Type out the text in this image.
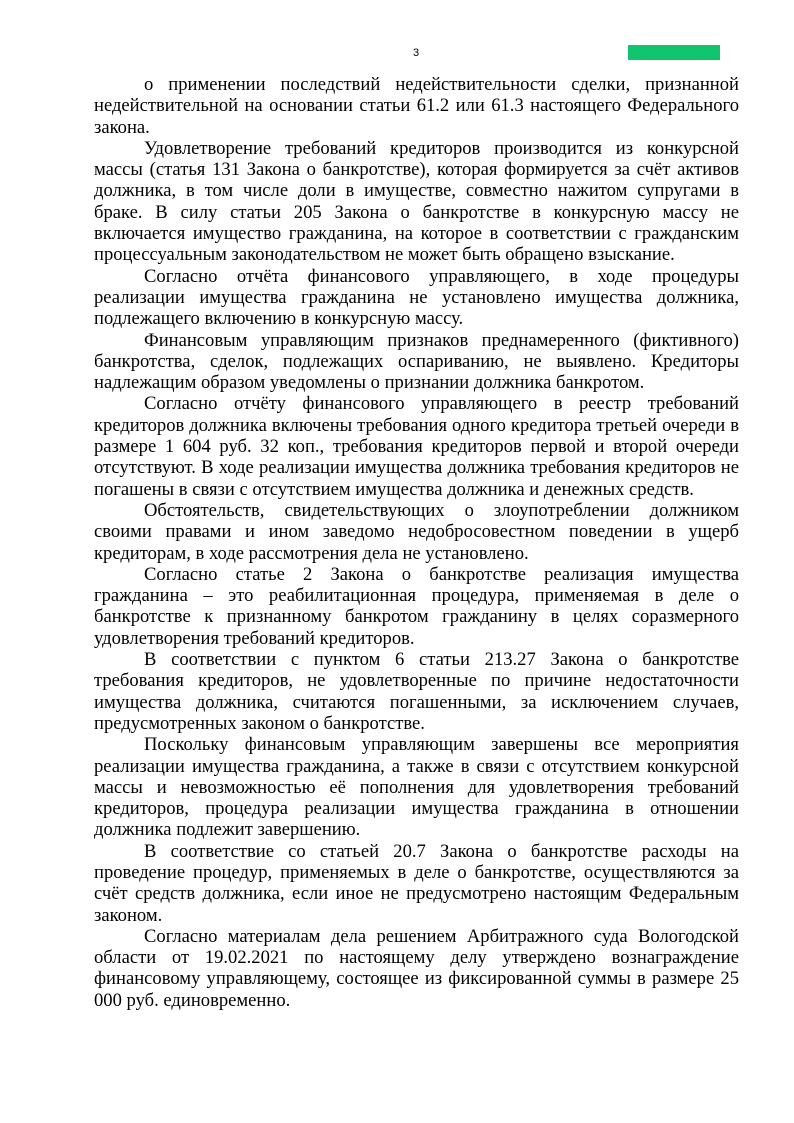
3

о применении последствий недействительности сделки, признанной недействительной на основании статьи 61.2 или 61.3 настоящего Федерального закона.

Удовлетворение требований кредиторов производится из конкурсной массы (статья 131 Закона о банкротстве), которая формируется за счёт активов должника, в том числе доли в имуществе, совместно нажитом супругами в браке. В силу статьи 205 Закона о банкротстве в конкурсную массу не включается имущество гражданина, на которое в соответствии с гражданским процессуальным законодательством не может быть обращено взыскание.

Согласно отчёта финансового управляющего, в ходе процедуры реализации имущества гражданина не установлено имущества должника, подлежащего включению в конкурсную массу.

Финансовым управляющим признаков преднамеренного (фиктивного) банкротства, сделок, подлежащих оспариванию, не выявлено. Кредиторы надлежащим образом уведомлены о признании должника банкротом.

Согласно отчёту финансового управляющего в реестр требований кредиторов должника включены требования одного кредитора третьей очереди в размере 1 604 руб. 32 коп., требования кредиторов первой и второй очереди отсутствуют. В ходе реализации имущества должника требования кредиторов не погашены в связи с отсутствием имущества должника и денежных средств.

Обстоятельств, свидетельствующих о злоупотреблении должником своими правами и ином заведомо недобросовестном поведении в ущерб кредиторам, в ходе рассмотрения дела не установлено.

Согласно статье 2 Закона о банкротстве реализация имущества гражданина – это реабилитационная процедура, применяемая в деле о банкротстве к признанному банкротом гражданину в целях соразмерного удовлетворения требований кредиторов.

В соответствии с пунктом 6 статьи 213.27 Закона о банкротстве требования кредиторов, не удовлетворенные по причине недостаточности имущества должника, считаются погашенными, за исключением случаев, предусмотренных законом о банкротстве.

Поскольку финансовым управляющим завершены все мероприятия реализации имущества гражданина, а также в связи с отсутствием конкурсной массы и невозможностью её пополнения для удовлетворения требований кредиторов, процедура реализации имущества гражданина в отношении должника подлежит завершению.

В соответствие со статьей 20.7 Закона о банкротстве расходы на проведение процедур, применяемых в деле о банкротстве, осуществляются за счёт средств должника, если иное не предусмотрено настоящим Федеральным законом.

Согласно материалам дела решением Арбитражного суда Вологодской области от 19.02.2021 по настоящему делу утверждено вознаграждение финансовому управляющему, состоящее из фиксированной суммы в размере 25 000 руб. единовременно.
